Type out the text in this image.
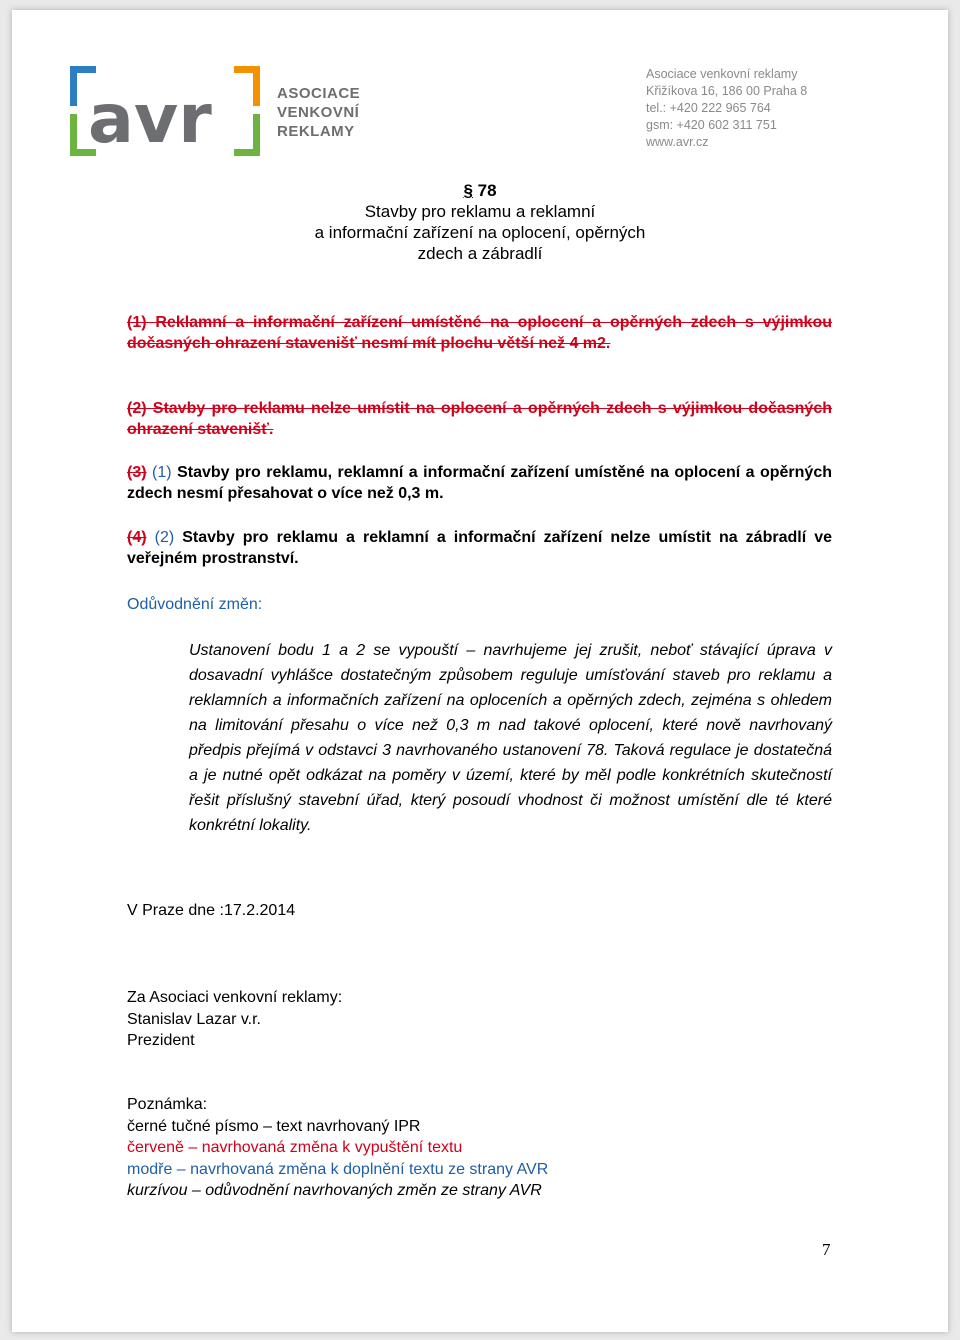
avr	ASOCIACE
VENKOVNÍ
REKLAMY
Asociace venkovní reklamy
Křižíkova 16, 186 00 Praha 8
tel.: +420 222 965 764
gsm: +420 602 311 751
www.avr.cz
§ 78
Stavby pro reklamu a reklamní
a informační zařízení na oplocení, opěrných
zdech a zábradlí
(1) Reklamní a informační zařízení umístěné na oplocení a opěrných zdech s výjimkou dočasných ohrazení stavenišť nesmí mít plochu větší než 4 m2.
(2) Stavby pro reklamu nelze umístit na oplocení a opěrných zdech s výjimkou dočasných ohrazení stavenišť.
(3) (1) Stavby pro reklamu, reklamní a informační zařízení umístěné na oplocení a opěrných zdech nesmí přesahovat o více než 0,3 m.
(4) (2) Stavby pro reklamu a reklamní a informační zařízení nelze umístit na zábradlí ve veřejném prostranství.
Odůvodnění změn:
Ustanovení bodu 1 a 2 se vypouští – navrhujeme jej zrušit, neboť stávající úprava v dosavadní vyhlášce dostatečným způsobem reguluje umísťování staveb pro reklamu a reklamních a informačních zařízení na oploceních a opěrných zdech, zejména s ohledem na limitování přesahu o více než 0,3 m nad takové oplocení, které nově navrhovaný předpis přejímá v odstavci 3 navrhovaného ustanovení 78. Taková regulace je dostatečná a je nutné opět odkázat na poměry v území, které by měl podle konkrétních skutečností řešit příslušný stavební úřad, který posoudí vhodnost či možnost umístění dle té které konkrétní lokality.
V Praze dne :17.2.2014
Za Asociaci venkovní reklamy:
Stanislav Lazar v.r.
Prezident
Poznámka:
černé tučné písmo – text navrhovaný IPR
červeně – navrhovaná změna k vypuštění textu
modře – navrhovaná změna k doplnění textu ze strany AVR
kurzívou – odůvodnění navrhovaných změn ze strany AVR
7
